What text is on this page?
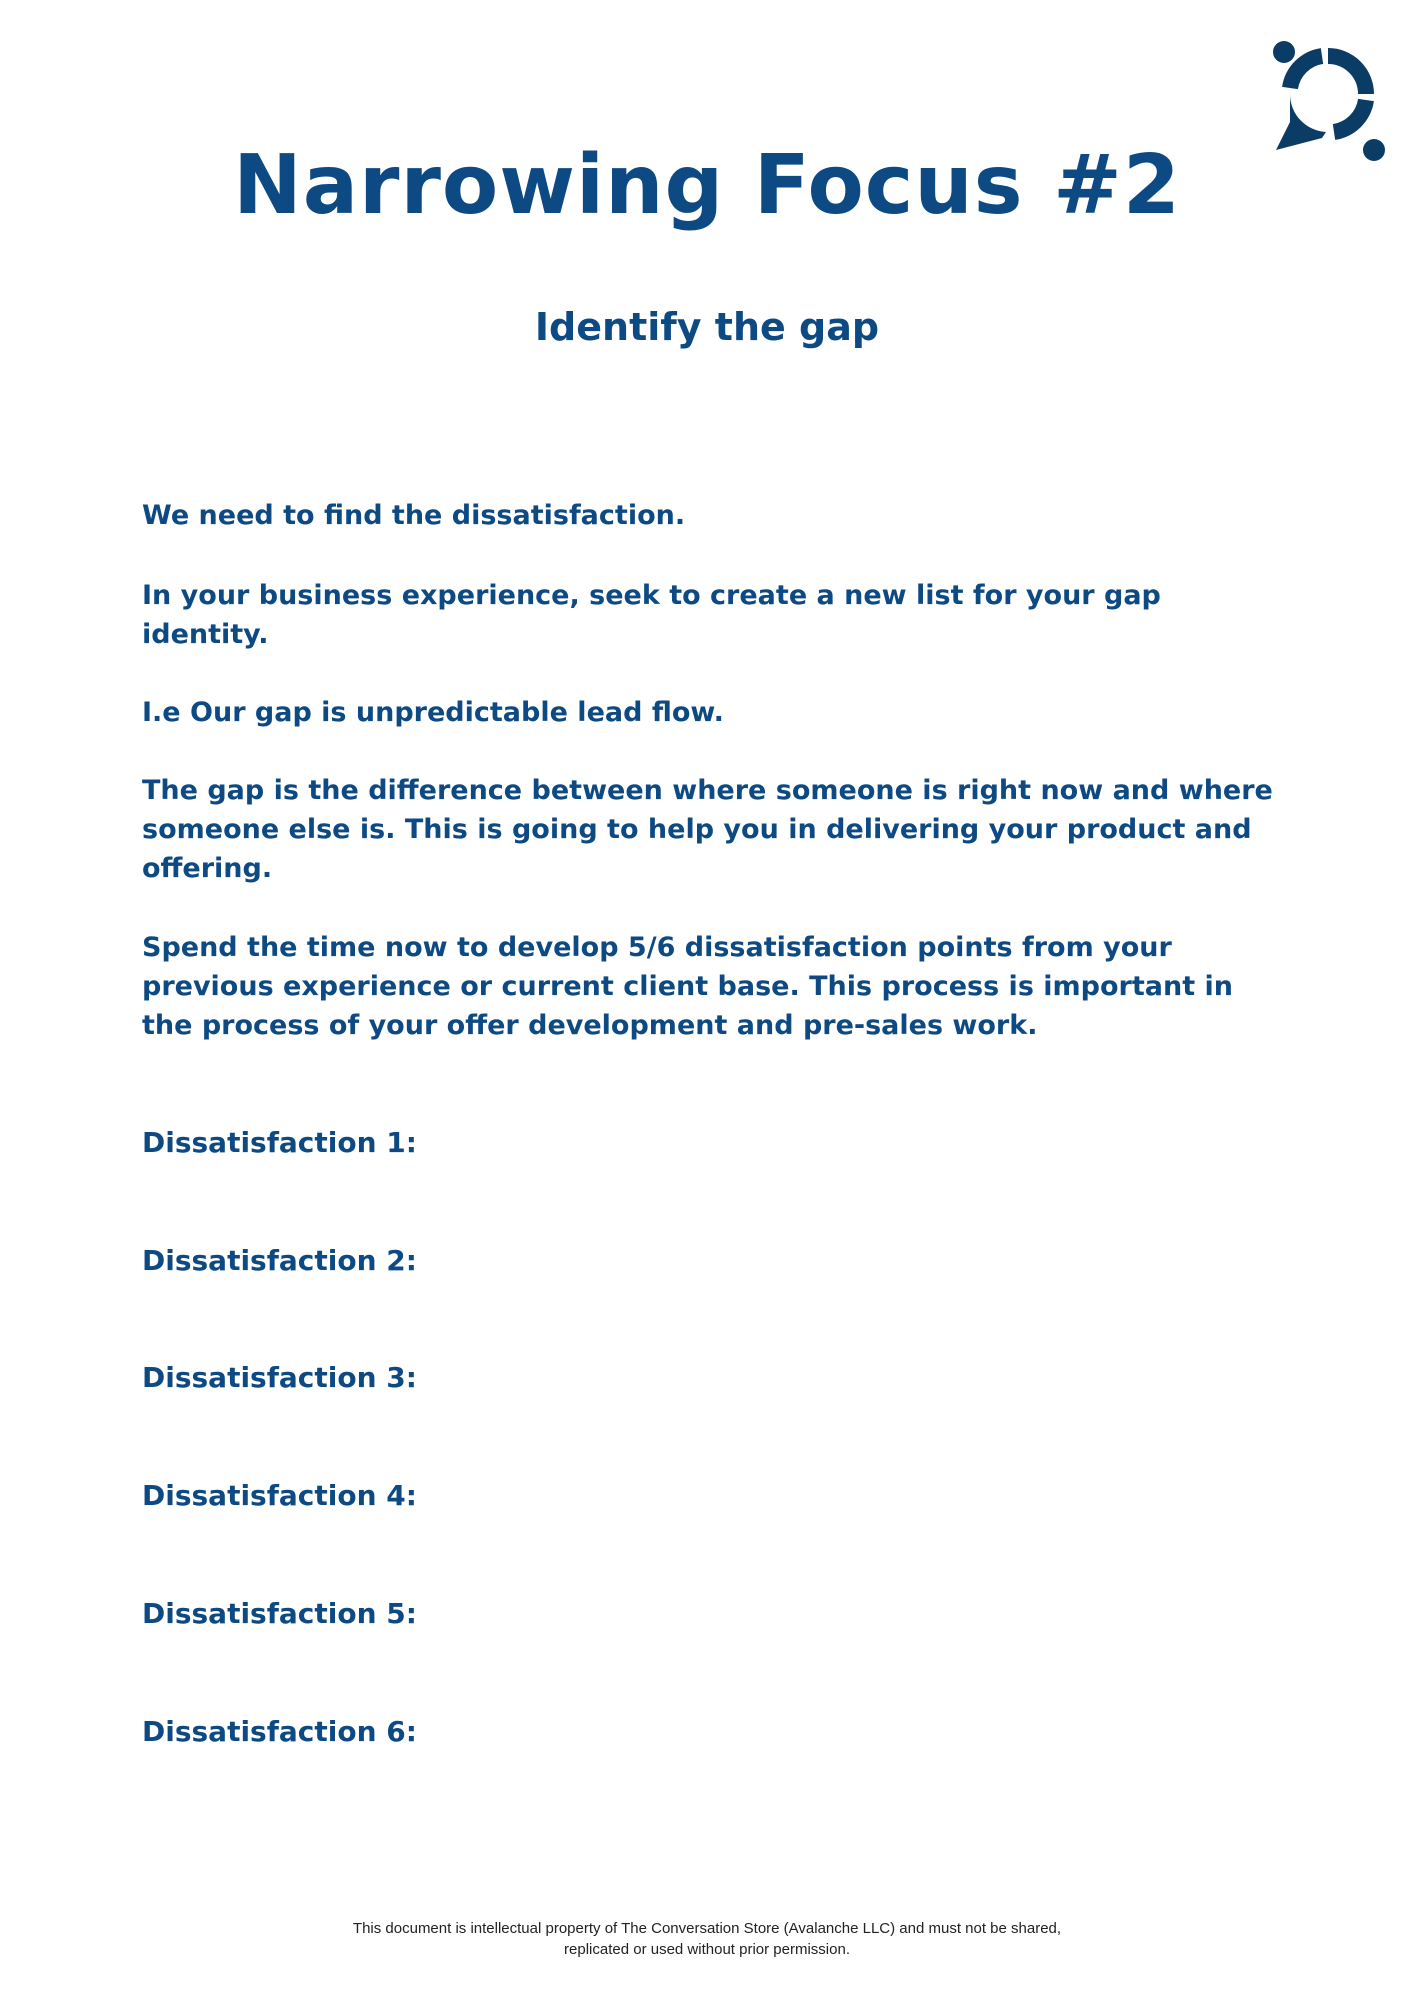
Narrowing Focus #2
Identify the gap

We need to find the dissatisfaction.

In your business experience, seek to create a new list for your gap identity.

I.e Our gap is unpredictable lead flow.

The gap is the difference between where someone is right now and where someone else is. This is going to help you in delivering your product and offering.

Spend the time now to develop 5/6 dissatisfaction points from your previous experience or current client base. This process is important in the process of your offer development and pre-sales work.

Dissatisfaction 1:

Dissatisfaction 2:

Dissatisfaction 3:

Dissatisfaction 4:

Dissatisfaction 5:

Dissatisfaction 6:

This document is intellectual property of The Conversation Store (Avalanche LLC) and must not be shared,
replicated or used without prior permission.
